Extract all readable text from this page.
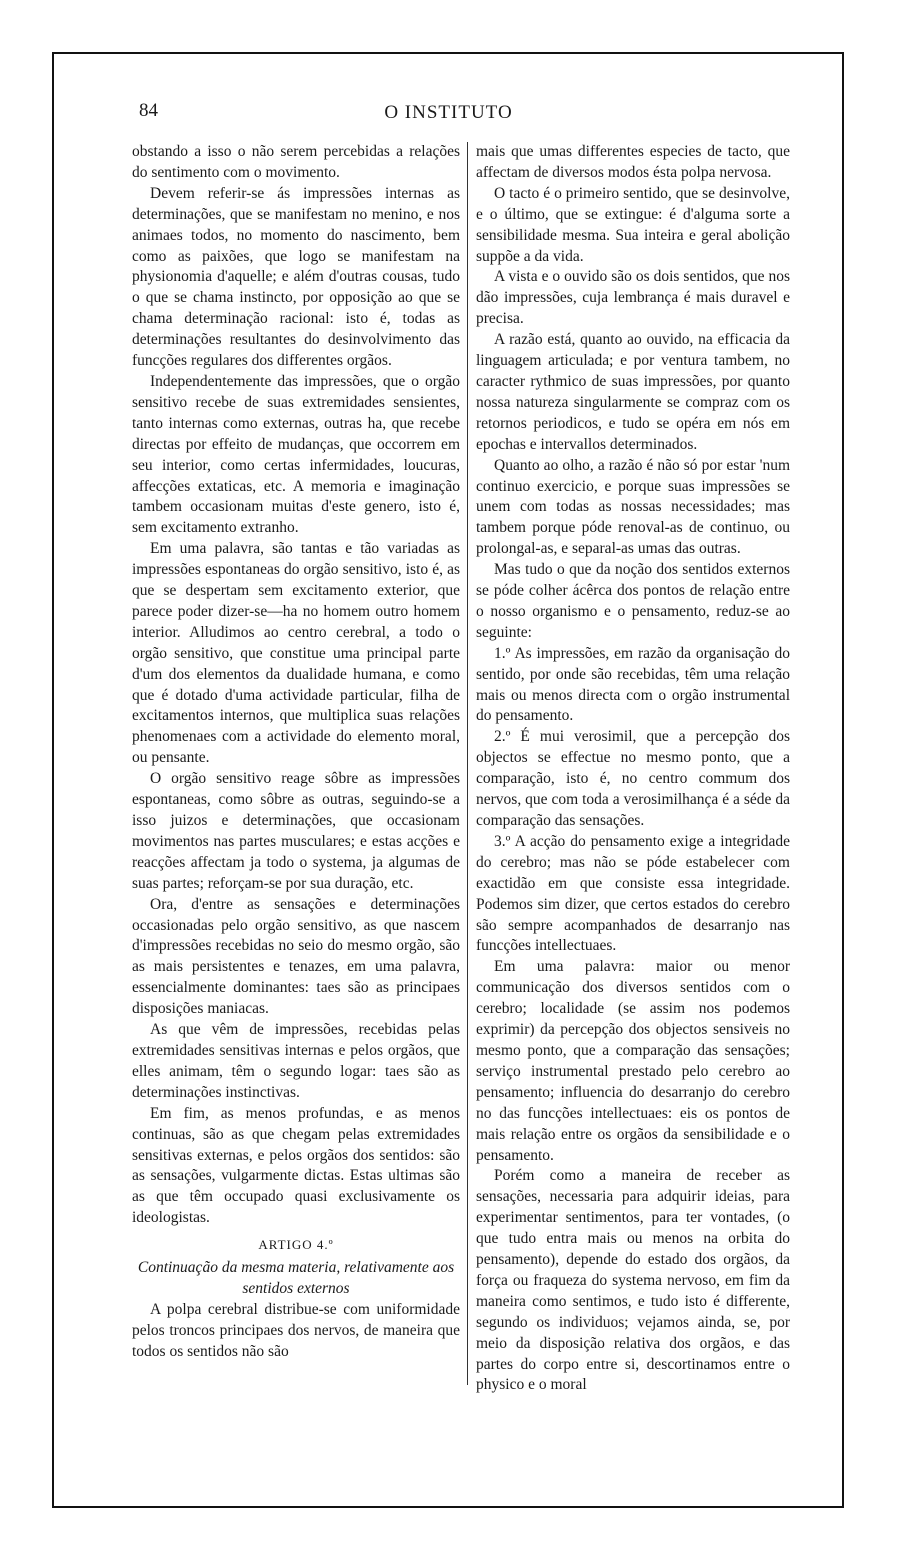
84	O INSTITUTO

obstando a isso o não serem percebidas a relações do sentimento com o movimento.

Devem referir-se ás impressões internas as determinações, que se manifestam no menino, e nos animaes todos, no momento do nascimento, bem como as paixões, que logo se manifestam na physionomia d'aquelle; e além d'outras cousas, tudo o que se chama instincto, por opposição ao que se chama determinação racional: isto é, todas as determinações resultantes do desinvolvimento das funcções regulares dos differentes orgãos.

Independentemente das impressões, que o orgão sensitivo recebe de suas extremidades sensientes, tanto internas como externas, outras ha, que recebe directas por effeito de mudanças, que occorrem em seu interior, como certas infermidades, loucuras, affecções extaticas, etc. A memoria e imaginação tambem occasionam muitas d'este genero, isto é, sem excitamento extranho.

Em uma palavra, são tantas e tão variadas as impressões espontaneas do orgão sensitivo, isto é, as que se despertam sem excitamento exterior, que parece poder dizer-se—ha no homem outro homem interior. Alludimos ao centro cerebral, a todo o orgão sensitivo, que constitue uma principal parte d'um dos elementos da dualidade humana, e como que é dotado d'uma actividade particular, filha de excitamentos internos, que multiplica suas relações phenomenaes com a actividade do elemento moral, ou pensante.

O orgão sensitivo reage sôbre as impressões espontaneas, como sôbre as outras, seguindo-se a isso juizos e determinações, que occasionam movimentos nas partes musculares; e estas acções e reacções affectam ja todo o systema, ja algumas de suas partes; reforçam-se por sua duração, etc.

Ora, d'entre as sensações e determinações occasionadas pelo orgão sensitivo, as que nascem d'impressões recebidas no seio do mesmo orgão, são as mais persistentes e tenazes, em uma palavra, essencialmente dominantes: taes são as principaes disposições maniacas.

As que vêm de impressões, recebidas pelas extremidades sensitivas internas e pelos orgãos, que elles animam, têm o segundo logar: taes são as determinações instinctivas.

Em fim, as menos profundas, e as menos continuas, são as que chegam pelas extremidades sensitivas externas, e pelos orgãos dos sentidos: são as sensações, vulgarmente dictas. Estas ultimas são as que têm occupado quasi exclusivamente os ideologistas.

ARTIGO 4.º

Continuação da mesma materia, relativamente aos sentidos externos

A polpa cerebral distribue-se com uniformidade pelos troncos principaes dos nervos, de maneira que todos os sentidos não são

mais que umas differentes especies de tacto, que affectam de diversos modos ésta polpa nervosa.

O tacto é o primeiro sentido, que se desinvolve, e o último, que se extingue: é d'alguma sorte a sensibilidade mesma. Sua inteira e geral abolição suppõe a da vida.

A vista e o ouvido são os dois sentidos, que nos dão impressões, cuja lembrança é mais duravel e precisa.

A razão está, quanto ao ouvido, na efficacia da linguagem articulada; e por ventura tambem, no caracter rythmico de suas impressões, por quanto nossa natureza singularmente se compraz com os retornos periodicos, e tudo se opéra em nós em epochas e intervallos determinados.

Quanto ao olho, a razão é não só por estar 'num continuo exercicio, e porque suas impressões se unem com todas as nossas necessidades; mas tambem porque póde renoval-as de continuo, ou prolongal-as, e separal-as umas das outras.

Mas tudo o que da noção dos sentidos externos se póde colher ácêrca dos pontos de relação entre o nosso organismo e o pensamento, reduz-se ao seguinte:

1.º As impressões, em razão da organisação do sentido, por onde são recebidas, têm uma relação mais ou menos directa com o orgão instrumental do pensamento.

2.º É mui verosimil, que a percepção dos objectos se effectue no mesmo ponto, que a comparação, isto é, no centro commum dos nervos, que com toda a verosimilhança é a séde da comparação das sensações.

3.º A acção do pensamento exige a integridade do cerebro; mas não se póde estabelecer com exactidão em que consiste essa integridade. Podemos sim dizer, que certos estados do cerebro são sempre acompanhados de desarranjo nas funcções intellectuaes.

Em uma palavra: maior ou menor communicação dos diversos sentidos com o cerebro; localidade (se assim nos podemos exprimir) da percepção dos objectos sensiveis no mesmo ponto, que a comparação das sensações; serviço instrumental prestado pelo cerebro ao pensamento; influencia do desarranjo do cerebro no das funcções intellectuaes: eis os pontos de mais relação entre os orgãos da sensibilidade e o pensamento.

Porém como a maneira de receber as sensações, necessaria para adquirir ideias, para experimentar sentimentos, para ter vontades, (o que tudo entra mais ou menos na orbita do pensamento), depende do estado dos orgãos, da força ou fraqueza do systema nervoso, em fim da maneira como sentimos, e tudo isto é differente, segundo os individuos; vejamos ainda, se, por meio da disposição relativa dos orgãos, e das partes do corpo entre si, descortinamos entre o physico e o moral
